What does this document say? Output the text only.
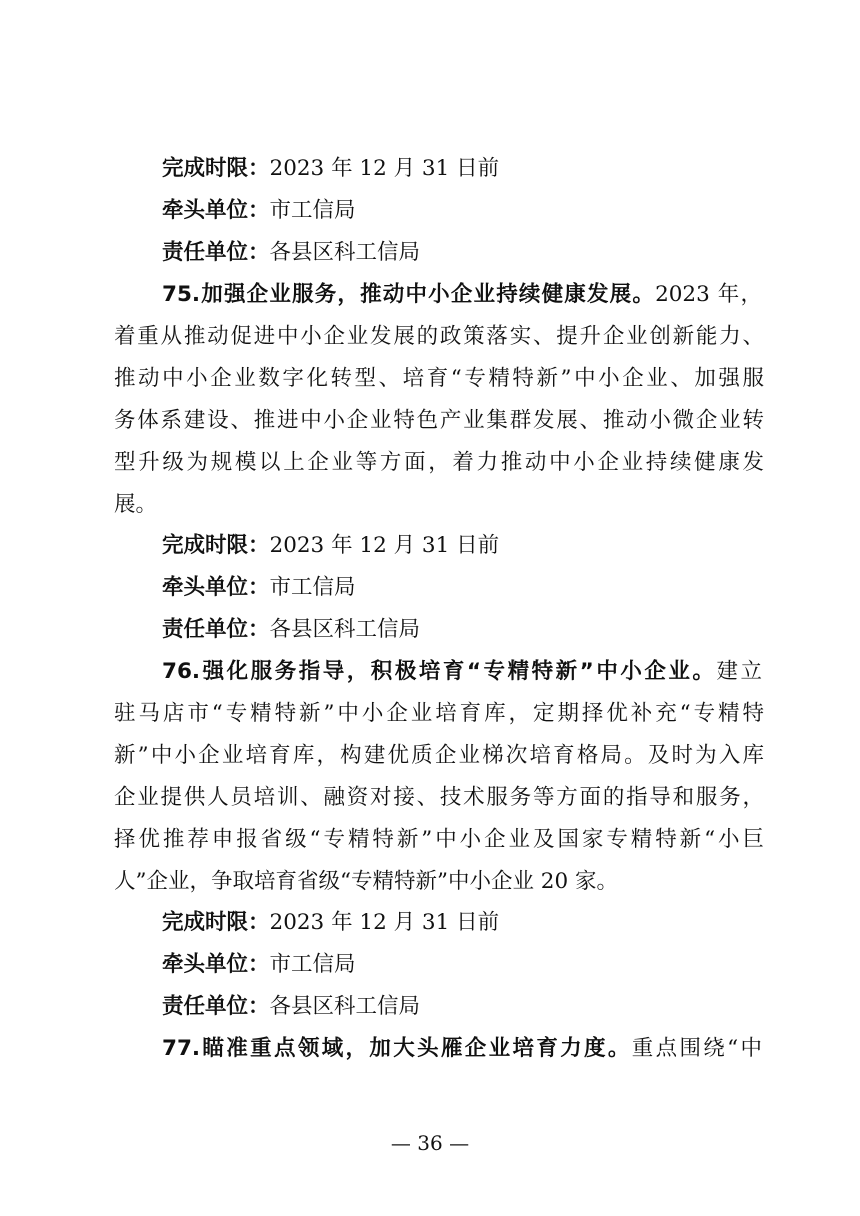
完成时限：2023 年 12 月 31 日前
牵头单位：市工信局
责任单位：各县区科工信局
75.加强企业服务，推动中小企业持续健康发展。2023 年，
着重从推动促进中小企业发展的政策落实、提升企业创新能力、
推动中小企业数字化转型、培育“专精特新”中小企业、加强服
务体系建设、推进中小企业特色产业集群发展、推动小微企业转
型升级为规模以上企业等方面，着力推动中小企业持续健康发
展。
完成时限：2023 年 12 月 31 日前
牵头单位：市工信局
责任单位：各县区科工信局
76.强化服务指导，积极培育“专精特新”中小企业。建立
驻马店市“专精特新”中小企业培育库，定期择优补充“专精特
新”中小企业培育库，构建优质企业梯次培育格局。及时为入库
企业提供人员培训、融资对接、技术服务等方面的指导和服务，
择优推荐申报省级“专精特新”中小企业及国家专精特新“小巨
人”企业，争取培育省级“专精特新”中小企业 20 家。
完成时限：2023 年 12 月 31 日前
牵头单位：市工信局
责任单位：各县区科工信局
77.瞄准重点领域，加大头雁企业培育力度。重点围绕“中
— 36 —
